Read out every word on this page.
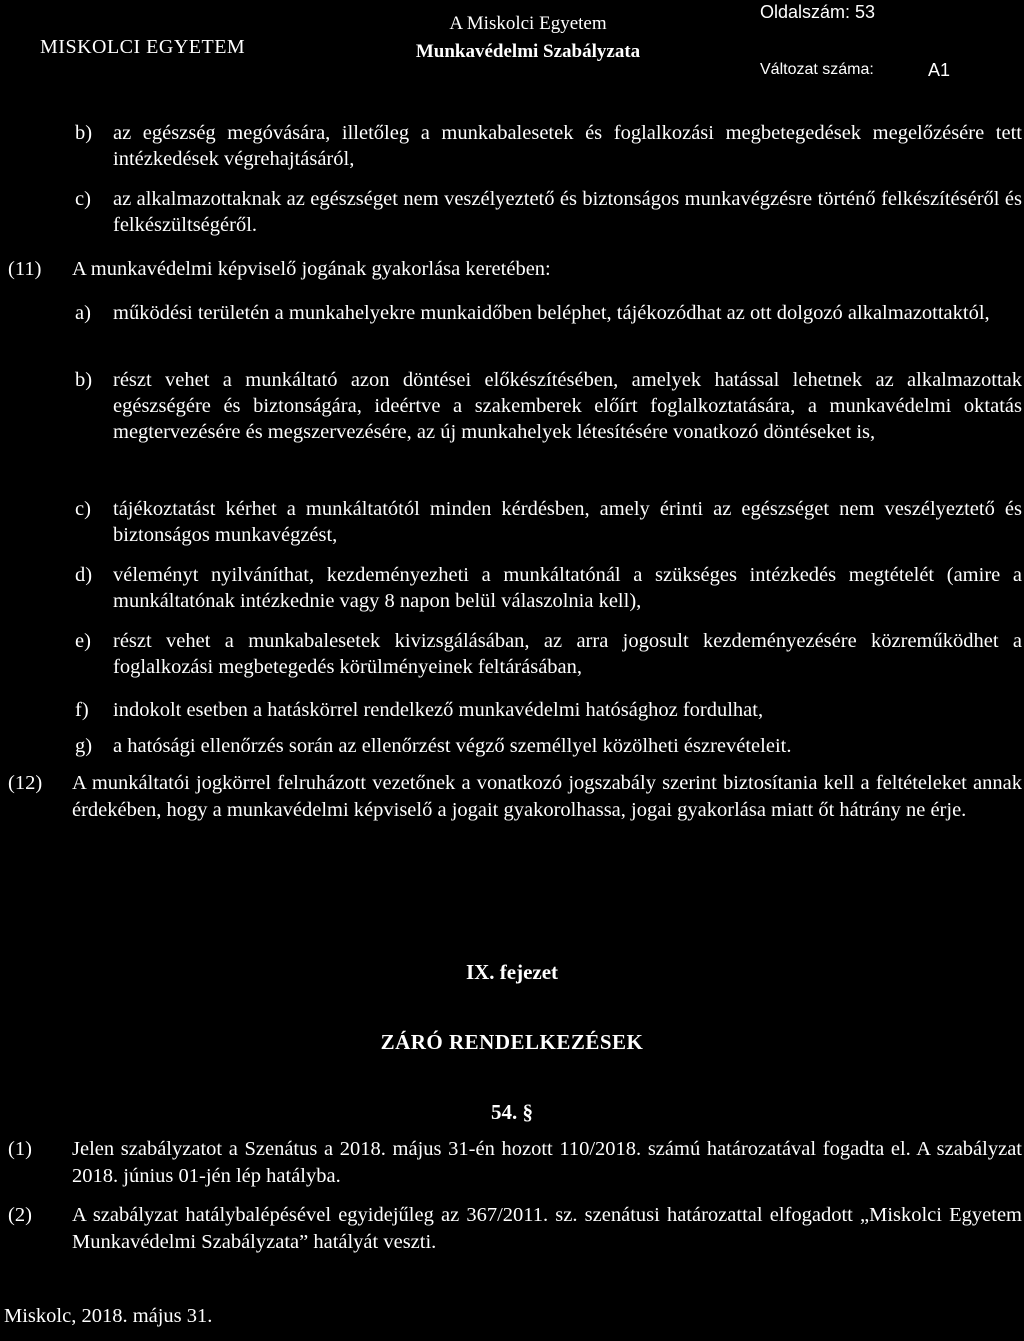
MISKOLCI EGYETEM
A Miskolci Egyetem
Munkavédelmi Szabályzata
Oldalszám: 53
Változat száma:	A1
b) az egészség megóvására, illetőleg a munkabalesetek és foglalkozási megbetegedések megelőzésére tett intézkedések végrehajtásáról,
c) az alkalmazottaknak az egészséget nem veszélyeztető és biztonságos munkavégzésre történő felkészítéséről és felkészültségéről.
(11) A munkavédelmi képviselő jogának gyakorlása keretében:
a) működési területén a munkahelyekre munkaidőben beléphet, tájékozódhat az ott dolgozó alkalmazottaktól,
b) részt vehet a munkáltató azon döntései előkészítésében, amelyek hatással lehetnek az alkalmazottak egészségére és biztonságára, ideértve a szakemberek előírt foglalkoztatására, a munkavédelmi oktatás megtervezésére és megszervezésére, az új munkahelyek létesítésére vonatkozó döntéseket is,
c) tájékoztatást kérhet a munkáltatótól minden kérdésben, amely érinti az egészséget nem veszélyeztető és biztonságos munkavégzést,
d) véleményt nyilváníthat, kezdeményezheti a munkáltatónál a szükséges intézkedés megtételét (amire a munkáltatónak intézkednie vagy 8 napon belül válaszolnia kell),
e) részt vehet a munkabalesetek kivizsgálásában, az arra jogosult kezdeményezésére közreműködhet a foglalkozási megbetegedés körülményeinek feltárásában,
f) indokolt esetben a hatáskörrel rendelkező munkavédelmi hatósághoz fordulhat,
g) a hatósági ellenőrzés során az ellenőrzést végző személlyel közölheti észrevételeit.
(12) A munkáltatói jogkörrel felruházott vezetőnek a vonatkozó jogszabály szerint biztosítania kell a feltételeket annak érdekében, hogy a munkavédelmi képviselő a jogait gyakorolhassa, jogai gyakorlása miatt őt hátrány ne érje.
IX. fejezet
ZÁRÓ RENDELKEZÉSEK
54. §
(1) Jelen szabályzatot a Szenátus a 2018. május 31-én hozott 110/2018. számú határozatával fogadta el. A szabályzat 2018. június 01-jén lép hatályba.
(2) A szabályzat hatálybalépésével egyidejűleg az 367/2011. sz. szenátusi határozattal elfogadott „Miskolci Egyetem Munkavédelmi Szabályzata” hatályát veszti.
Miskolc, 2018. május 31.
